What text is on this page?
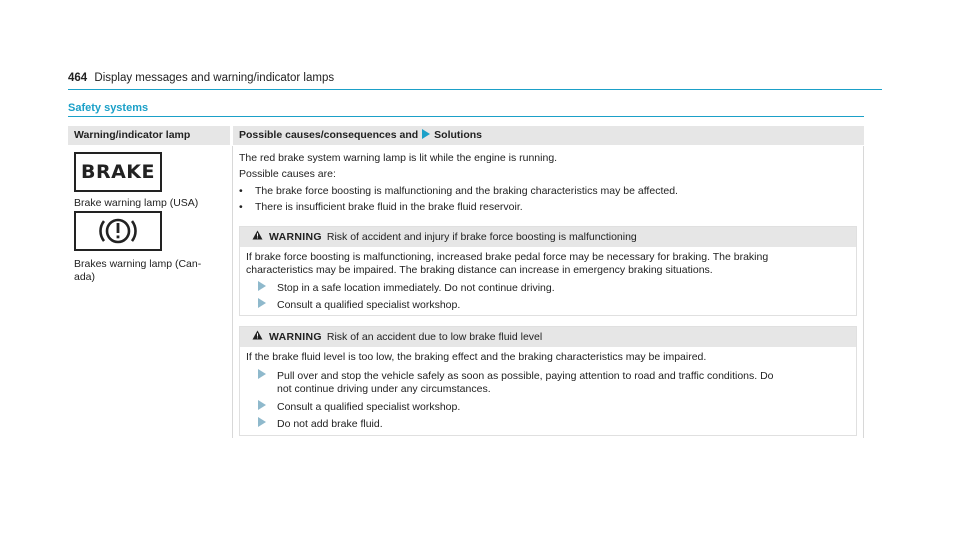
464 Display messages and warning/indicator lamps
Safety systems
Warning/indicator lamp	Possible causes/consequences and Solutions
BRAKE
Brake warning lamp (USA)
Brakes warning lamp (Can-
ada)
The red brake system warning lamp is lit while the engine is running.
Possible causes are:
• The brake force boosting is malfunctioning and the braking characteristics may be affected.
• There is insufficient brake fluid in the brake fluid reservoir.
WARNING Risk of accident and injury if brake force boosting is malfunctioning
If brake force boosting is malfunctioning, increased brake pedal force may be necessary for braking. The braking
characteristics may be impaired. The braking distance can increase in emergency braking situations.
Stop in a safe location immediately. Do not continue driving.
Consult a qualified specialist workshop.
WARNING Risk of an accident due to low brake fluid level
If the brake fluid level is too low, the braking effect and the braking characteristics may be impaired.
Pull over and stop the vehicle safely as soon as possible, paying attention to road and traffic conditions. Do
not continue driving under any circumstances.
Consult a qualified specialist workshop.
Do not add brake fluid.
